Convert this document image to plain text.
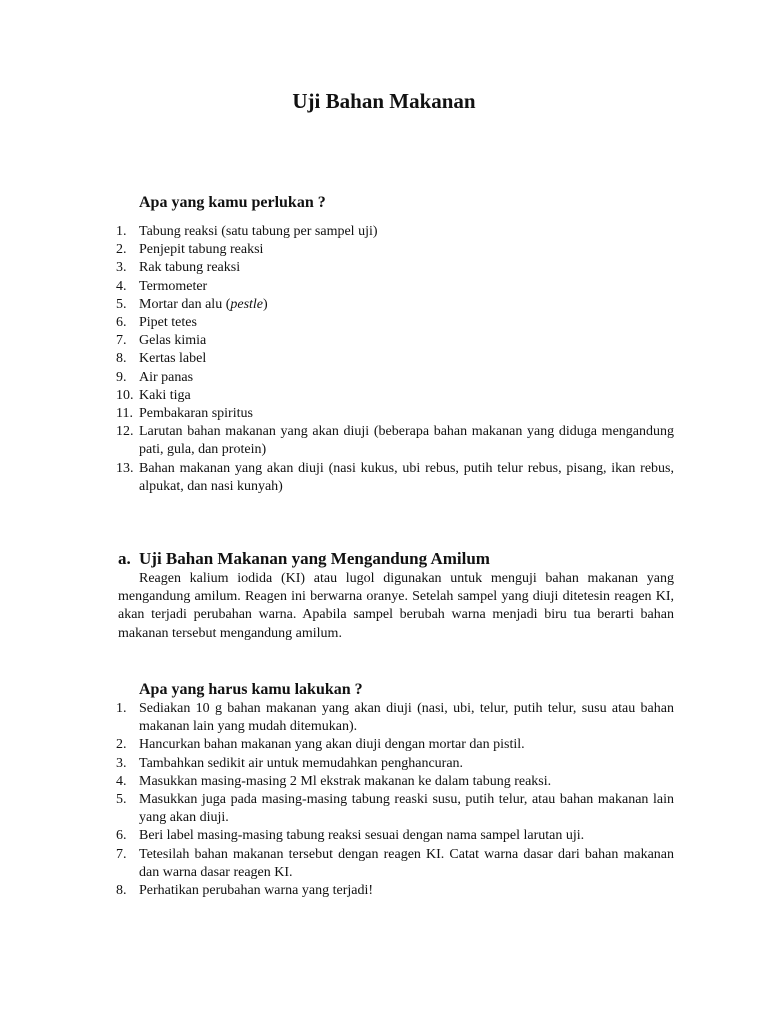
Uji Bahan Makanan
Apa yang kamu perlukan ?
1. Tabung reaksi (satu tabung per sampel uji)
2. Penjepit tabung reaksi
3. Rak tabung reaksi
4. Termometer
5. Mortar dan alu (pestle)
6. Pipet tetes
7. Gelas kimia
8. Kertas label
9. Air panas
10. Kaki tiga
11. Pembakaran spiritus
12. Larutan bahan makanan yang akan diuji (beberapa bahan makanan yang diduga mengandung pati, gula, dan protein)
13. Bahan makanan yang akan diuji (nasi kukus, ubi rebus, putih telur rebus, pisang, ikan rebus, alpukat, dan nasi kunyah)
a. Uji Bahan Makanan yang Mengandung Amilum

Reagen kalium iodida (KI) atau lugol digunakan untuk menguji bahan makanan yang mengandung amilum. Reagen ini berwarna oranye. Setelah sampel yang diuji ditetesin reagen KI, akan terjadi perubahan warna. Apabila sampel berubah warna menjadi biru tua berarti bahan makanan tersebut mengandung amilum.

Apa yang harus kamu lakukan ?
1. Sediakan 10 g bahan makanan yang akan diuji (nasi, ubi, telur, putih telur, susu atau bahan makanan lain yang mudah ditemukan).
2. Hancurkan bahan makanan yang akan diuji dengan mortar dan pistil.
3. Tambahkan sedikit air untuk memudahkan penghancuran.
4. Masukkan masing-masing 2 Ml ekstrak makanan ke dalam tabung reaksi.
5. Masukkan juga pada masing-masing tabung reaski susu, putih telur, atau bahan makanan lain yang akan diuji.
6. Beri label masing-masing tabung reaksi sesuai dengan nama sampel larutan uji.
7. Tetesilah bahan makanan tersebut dengan reagen KI. Catat warna dasar dari bahan makanan dan warna dasar reagen KI.
8. Perhatikan perubahan warna yang terjadi!
